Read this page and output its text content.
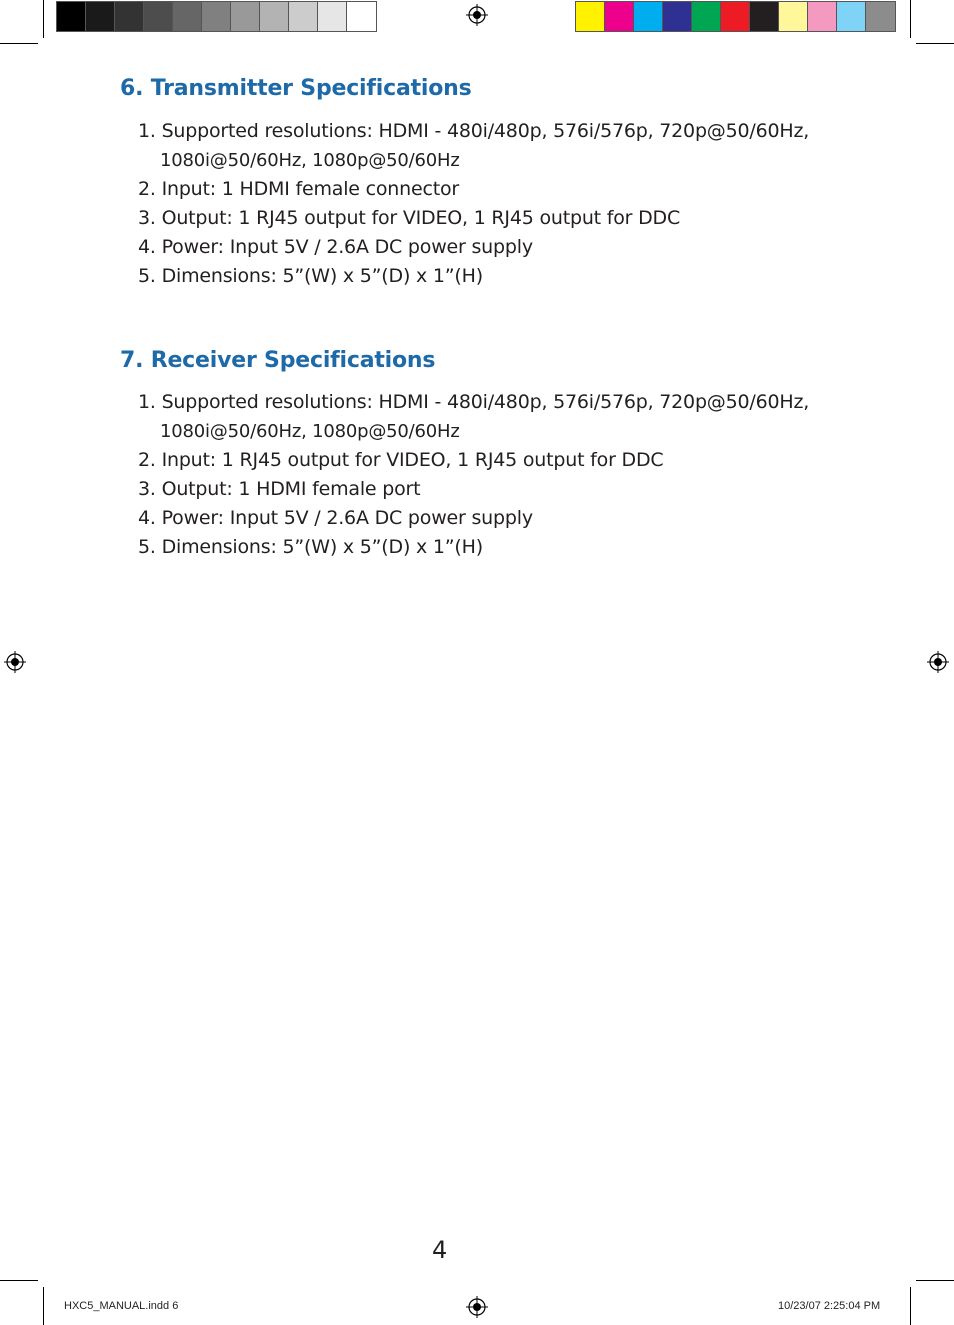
6. Transmitter Specifications
1. Supported resolutions: HDMI - 480i/480p, 576i/576p, 720p@50/60Hz,
1080i@50/60Hz, 1080p@50/60Hz
2. Input: 1 HDMI female connector
3. Output: 1 RJ45 output for VIDEO, 1 RJ45 output for DDC
4. Power: Input 5V / 2.6A DC power supply
5. Dimensions: 5”(W) x 5”(D) x 1”(H)
7. Receiver Specifications
1. Supported resolutions: HDMI - 480i/480p, 576i/576p, 720p@50/60Hz,
1080i@50/60Hz, 1080p@50/60Hz
2. Input: 1 RJ45 output for VIDEO, 1 RJ45 output for DDC
3. Output: 1 HDMI female port
4. Power: Input 5V / 2.6A DC power supply
5. Dimensions: 5”(W) x 5”(D) x 1”(H)
4
HXC5_MANUAL.indd 6	10/23/07 2:25:04 PM
